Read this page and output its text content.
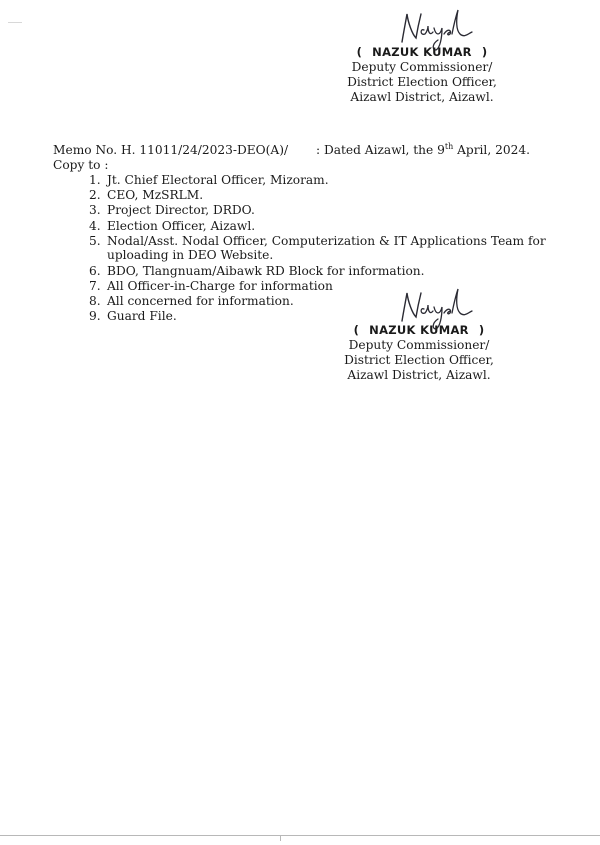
( NAZUK KUMAR )
Deputy Commissioner/
District Election Officer,
Aizawl District, Aizawl.
Memo No. H. 11011/24/2023-DEO(A)/ : Dated Aizawl, the 9th April, 2024.
Copy to :
1. Jt. Chief Electoral Officer, Mizoram.
2. CEO, MzSRLM.
3. Project Director, DRDO.
4. Election Officer, Aizawl.
5. Nodal/Asst. Nodal Officer, Computerization & IT Applications Team for uploading in DEO Website.
6. BDO, Tlangnuam/Aibawk RD Block for information.
7. All Officer-in-Charge for information
8. All concerned for information.
9. Guard File.
( NAZUK KUMAR )
Deputy Commissioner/
District Election Officer,
Aizawl District, Aizawl.
